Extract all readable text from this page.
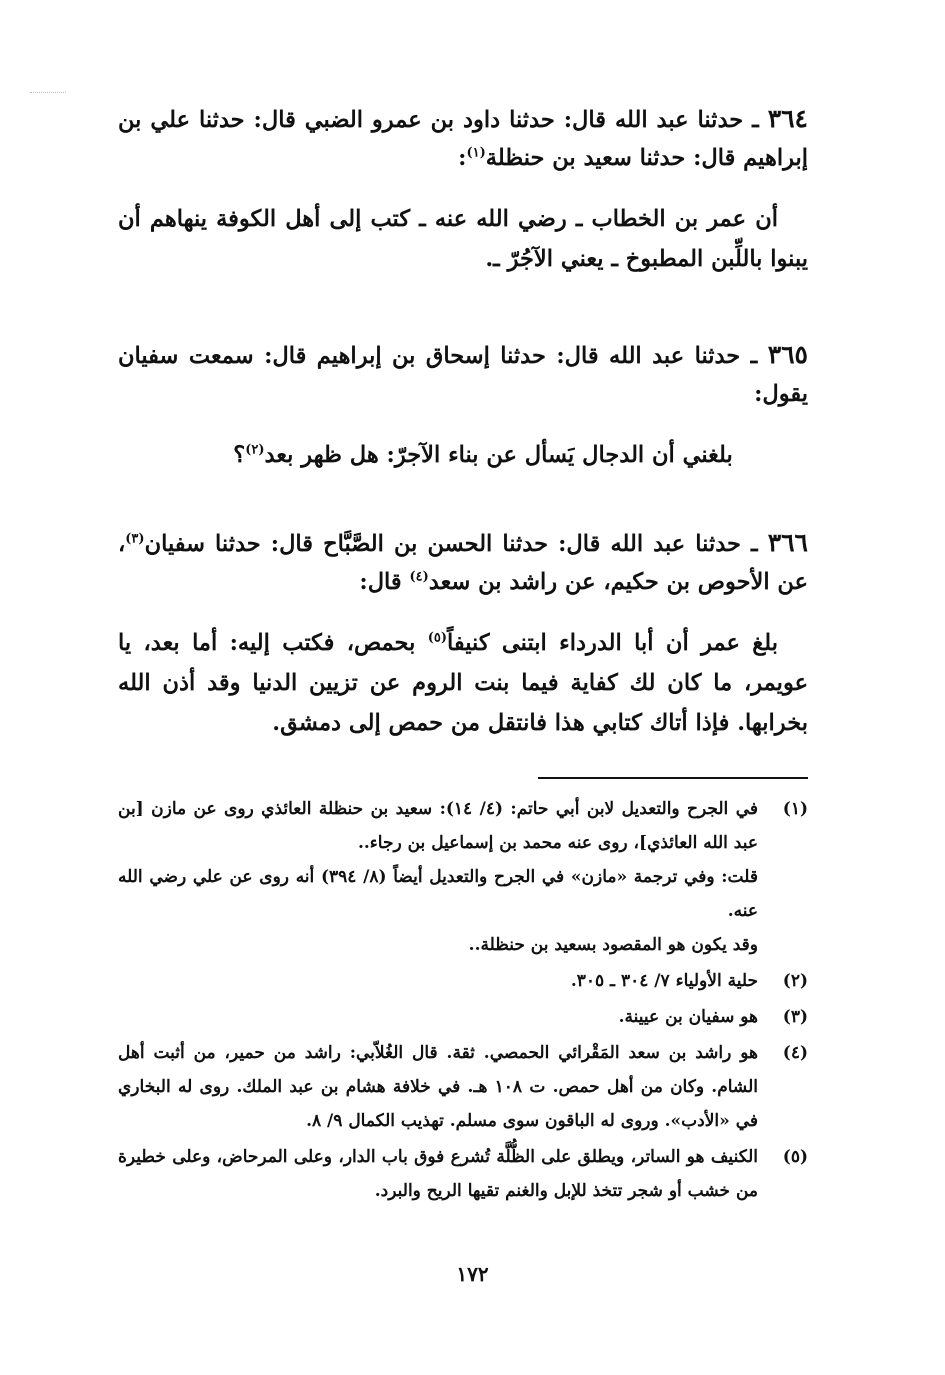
٣٦٤ ـ حدثنا عبد الله قال: حدثنا داود بن عمرو الضبي قال: حدثنا علي بن إبراهيم قال: حدثنا سعيد بن حنظلة$^{(١)}$:

أن عمر بن الخطاب ـ رضي الله عنه ـ كتب إلى أهل الكوفة ينهاهم أن يبنوا باللِّبن المطبوخ ـ يعني الآجُرّ ـ.

٣٦٥ ـ حدثنا عبد الله قال: حدثنا إسحاق بن إبراهيم قال: سمعت سفيان يقول:

بلغني أن الدجال يَسأل عن بناء الآجرّ: هل ظهر بعد$^{(٢)}$؟

٣٦٦ ـ حدثنا عبد الله قال: حدثنا الحسن بن الصَّبَّاح قال: حدثنا سفيان$^{(٣)}$، عن الأحوص بن حكيم، عن راشد بن سعد$^{(٤)}$ قال:

بلغ عمر أن أبا الدرداء ابتنى كنيفاً$^{(٥)}$ بحمص، فكتب إليه: أما بعد، يا عويمر، ما كان لك كفاية فيما بنت الروم عن تزيين الدنيا وقد أذن الله بخرابها. فإذا أتاك كتابي هذا فانتقل من حمص إلى دمشق.

(١)
في الجرح والتعديل لابن أبي حاتم: (٤/ ١٤): سعيد بن حنظلة العائذي روى عن مازن [بن عبد الله العائذي]، روى عنه محمد بن إسماعيل بن رجاء..
قلت: وفي ترجمة «مازن» في الجرح والتعديل أيضاً (٨/ ٣٩٤) أنه روى عن علي رضي الله عنه.
وقد يكون هو المقصود بسعيد بن حنظلة..
(٢)
حلية الأولياء ٧/ ٣٠٤ ـ ٣٠٥.
(٣)
هو سفيان بن عيينة.
(٤)
هو راشد بن سعد المَقْرائي الحمصي. ثقة. قال الغُلاّبي: راشد من حمير، من أثبت أهل الشام. وكان من أهل حمص. ت ١٠٨ هـ. في خلافة هشام بن عبد الملك. روى له البخاري في «الأدب». وروى له الباقون سوى مسلم. تهذيب الكمال ٩/ ٨.
(٥)
الكنيف هو الساتر، ويطلق على الظُّلَّة تُشرع فوق باب الدار، وعلى المرحاض، وعلى خطيرة من خشب أو شجر تتخذ للإبل والغنم تقيها الريح والبرد.
١٧٢
